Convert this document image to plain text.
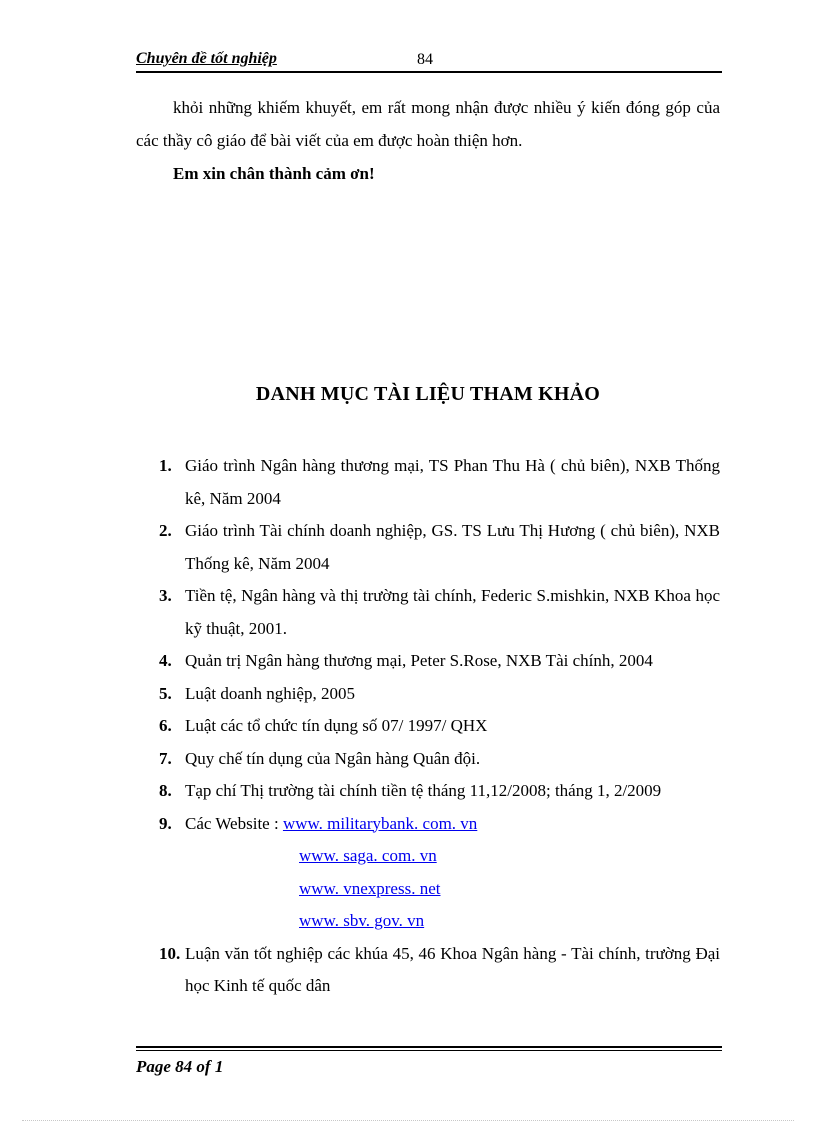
Chuyên đề tốt nghiệp	84

khỏi những khiếm khuyết, em rất mong nhận được nhiều ý kiến đóng góp của các thầy cô giáo để bài viết của em được hoàn thiện hơn.

Em xin chân thành cảm ơn!
DANH MỤC TÀI LIỆU THAM KHẢO
1. Giáo trình Ngân hàng thương mại, TS Phan Thu Hà ( chủ biên), NXB Thống kê, Năm 2004
2. Giáo trình Tài chính doanh nghiệp, GS. TS Lưu Thị Hương ( chủ biên), NXB Thống kê, Năm 2004
3. Tiền tệ, Ngân hàng và thị trường tài chính, Federic S.mishkin, NXB Khoa học kỹ thuật, 2001.
4. Quản trị Ngân hàng thương mại, Peter S.Rose, NXB Tài chính, 2004
5. Luật doanh nghiệp, 2005
6. Luật các tổ chức tín dụng số 07/ 1997/ QHX
7. Quy chế tín dụng của Ngân hàng Quân đội.
8. Tạp chí Thị trường tài chính tiền tệ tháng 11,12/2008; tháng 1, 2/2009
9. Các Website : www. militarybank. com. vn
www. saga. com. vn
www. vnexpress. net
www. sbv. gov. vn
10. Luận văn tốt nghiệp các khúa 45, 46 Khoa Ngân hàng - Tài chính, trường Đại học Kinh tế quốc dân
Page 84 of 1
